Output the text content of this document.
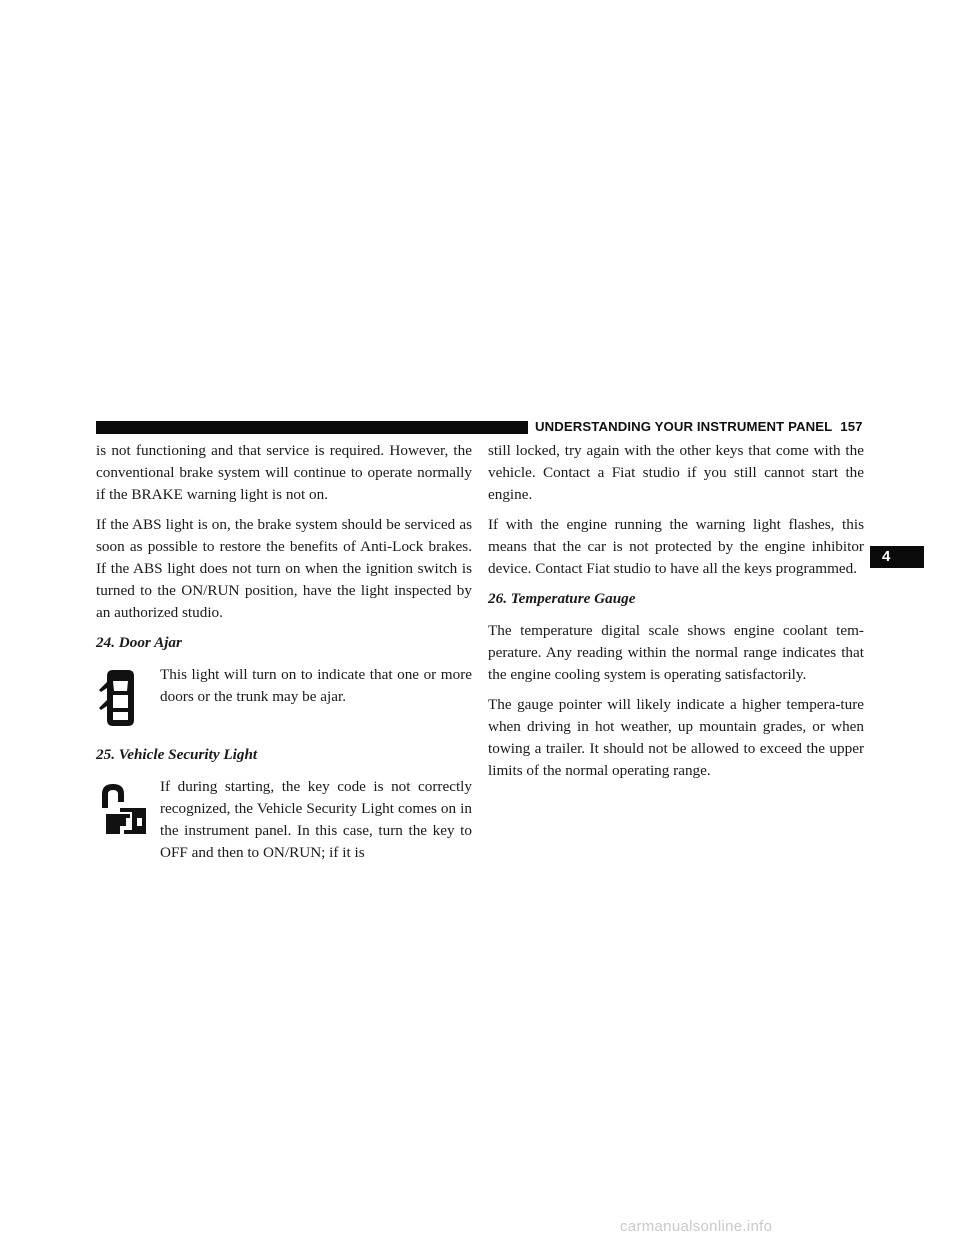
UNDERSTANDING YOUR INSTRUMENT PANEL 157
4

is not functioning and that service is required. However, the conventional brake system will continue to operate normally if the BRAKE warning light is not on.

If the ABS light is on, the brake system should be serviced as soon as possible to restore the benefits of Anti-Lock brakes. If the ABS light does not turn on when the ignition switch is turned to the ON/RUN position, have the light inspected by an authorized studio.

24. Door Ajar

This light will turn on to indicate that one or more doors or the trunk may be ajar.

25. Vehicle Security Light

If during starting, the key code is not correctly recognized, the Vehicle Security Light comes on in the instrument panel. In this case, turn the key to OFF and then to ON/RUN; if it is

still locked, try again with the other keys that come with the vehicle. Contact a Fiat studio if you still cannot start the engine.

If with the engine running the warning light flashes, this means that the car is not protected by the engine inhibitor device. Contact Fiat studio to have all the keys programmed.

26. Temperature Gauge

The temperature digital scale shows engine coolant tem-perature. Any reading within the normal range indicates that the engine cooling system is operating satisfactorily.

The gauge pointer will likely indicate a higher tempera-ture when driving in hot weather, up mountain grades, or when towing a trailer. It should not be allowed to exceed the upper limits of the normal operating range.

carmanualsonline.info
